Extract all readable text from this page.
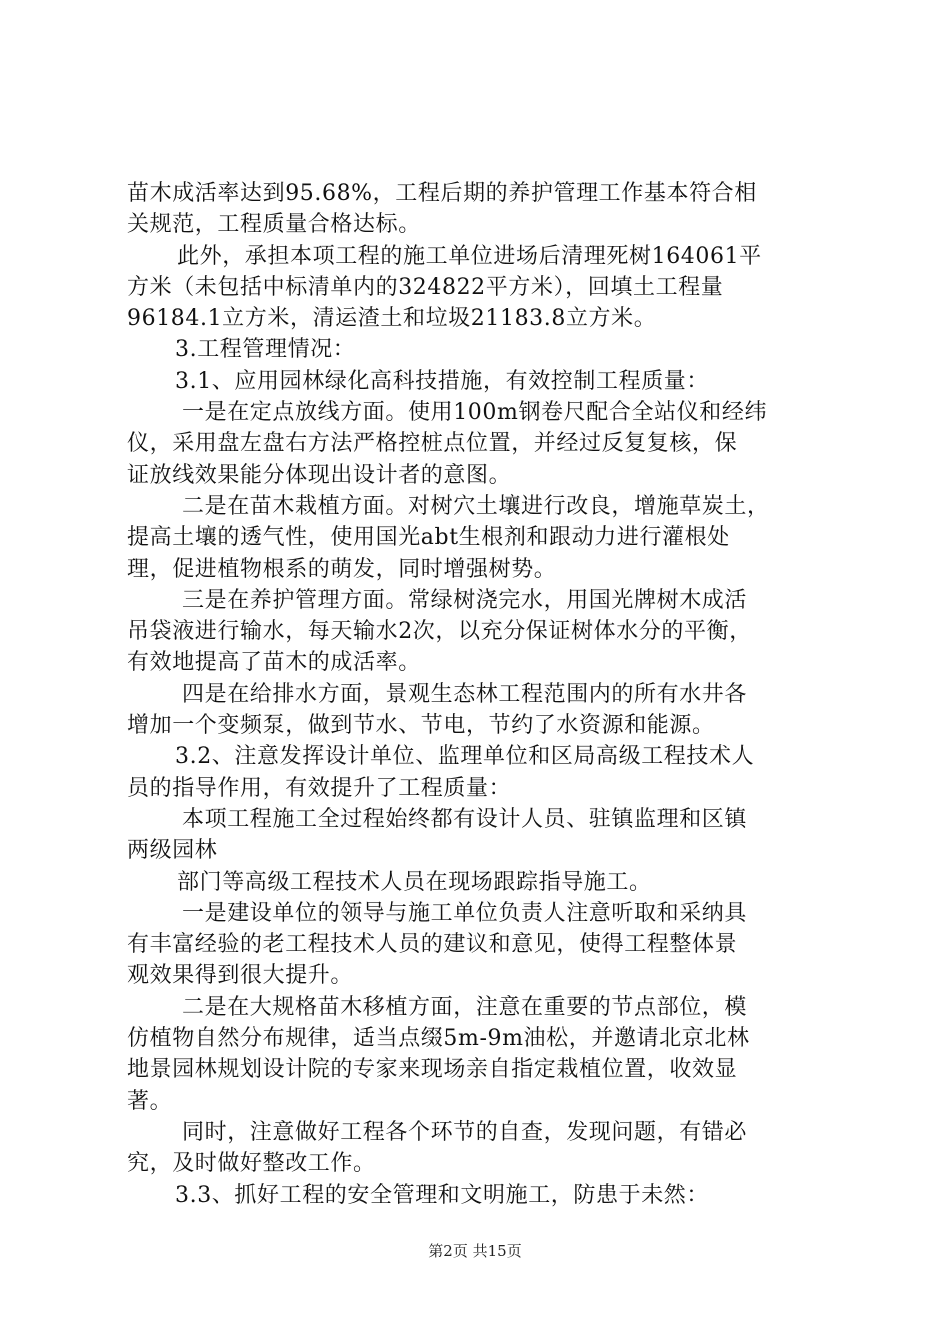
苗木成活率达到95.68%，工程后期的养护管理工作基本符合相
关规范，工程质量合格达标。
此外，承担本项工程的施工单位进场后清理死树164061平
方米（未包括中标清单内的324822平方米），回填土工程量
96184.1立方米，清运渣土和垃圾21183.8立方米。
3.工程管理情况：
3.1、应用园林绿化高科技措施，有效控制工程质量：
一是在定点放线方面。使用100m钢卷尺配合全站仪和经纬
仪，采用盘左盘右方法严格控桩点位置，并经过反复复核，保
证放线效果能分体现出设计者的意图。
二是在苗木栽植方面。对树穴土壤进行改良，增施草炭土，
提高土壤的透气性，使用国光abt生根剂和跟动力进行灌根处
理，促进植物根系的萌发，同时增强树势。
三是在养护管理方面。常绿树浇完水，用国光牌树木成活
吊袋液进行输水，每天输水2次，以充分保证树体水分的平衡，
有效地提高了苗木的成活率。
四是在给排水方面，景观生态林工程范围内的所有水井各
增加一个变频泵，做到节水、节电，节约了水资源和能源。
3.2、注意发挥设计单位、监理单位和区局高级工程技术人
员的指导作用，有效提升了工程质量：
本项工程施工全过程始终都有设计人员、驻镇监理和区镇
两级园林
部门等高级工程技术人员在现场跟踪指导施工。
一是建设单位的领导与施工单位负责人注意听取和采纳具
有丰富经验的老工程技术人员的建议和意见，使得工程整体景
观效果得到很大提升。
二是在大规格苗木移植方面，注意在重要的节点部位，模
仿植物自然分布规律，适当点缀5m-9m油松，并邀请北京北林
地景园林规划设计院的专家来现场亲自指定栽植位置，收效显
著。
同时，注意做好工程各个环节的自查，发现问题，有错必
究，及时做好整改工作。
3.3、抓好工程的安全管理和文明施工，防患于未然：
第2页 共15页
